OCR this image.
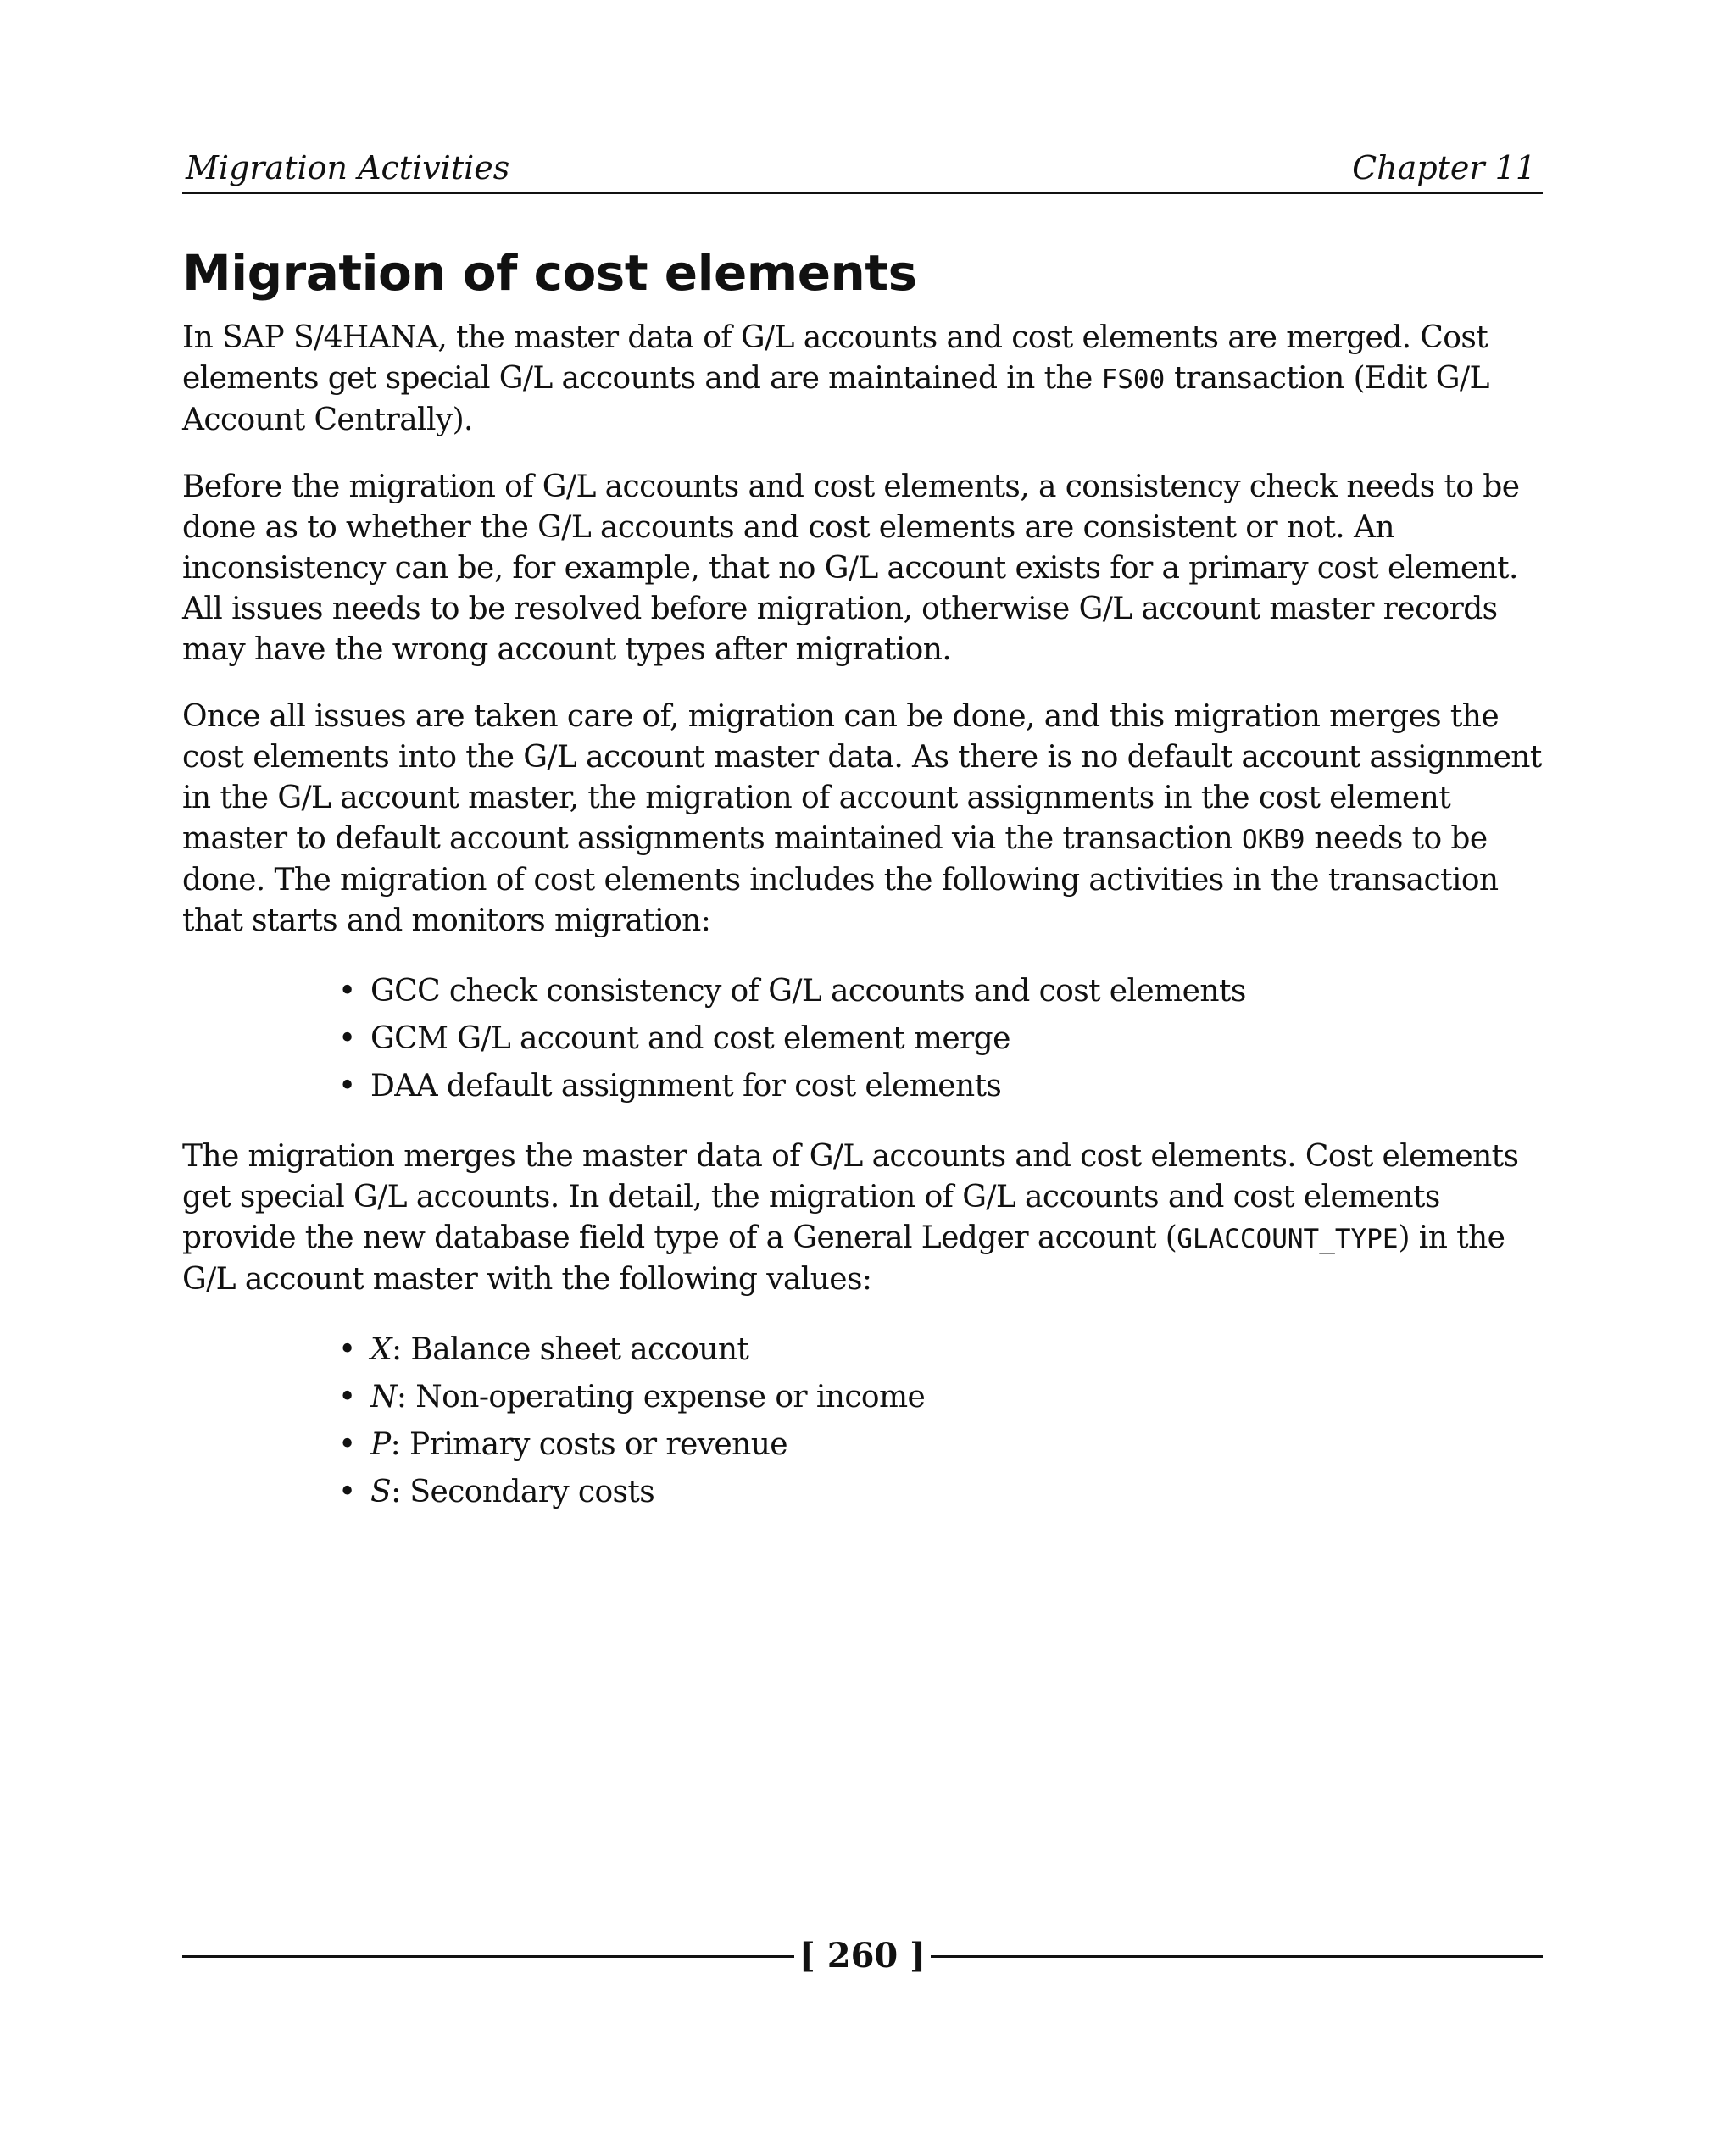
Migration Activities	Chapter 11
Migration of cost elements

In SAP S/4HANA, the master data of G/L accounts and cost elements are merged. Cost elements get special G/L accounts and are maintained in the FS00 transaction (Edit G/L Account Centrally).

Before the migration of G/L accounts and cost elements, a consistency check needs to be done as to whether the G/L accounts and cost elements are consistent or not. An inconsistency can be, for example, that no G/L account exists for a primary cost element. All issues needs to be resolved before migration, otherwise G/L account master records may have the wrong account types after migration.

Once all issues are taken care of, migration can be done, and this migration merges the cost elements into the G/L account master data. As there is no default account assignment in the G/L account master, the migration of account assignments in the cost element master to default account assignments maintained via the transaction OKB9 needs to be done. The migration of cost elements includes the following activities in the transaction that starts and monitors migration:

• GCC check consistency of G/L accounts and cost elements
• GCM G/L account and cost element merge
• DAA default assignment for cost elements

The migration merges the master data of G/L accounts and cost elements. Cost elements get special G/L accounts. In detail, the migration of G/L accounts and cost elements provide the new database field type of a General Ledger account (GLACCOUNT_TYPE) in the G/L account master with the following values:

• X: Balance sheet account
• N: Non-operating expense or income
• P: Primary costs or revenue
• S: Secondary costs
[ 260 ]
